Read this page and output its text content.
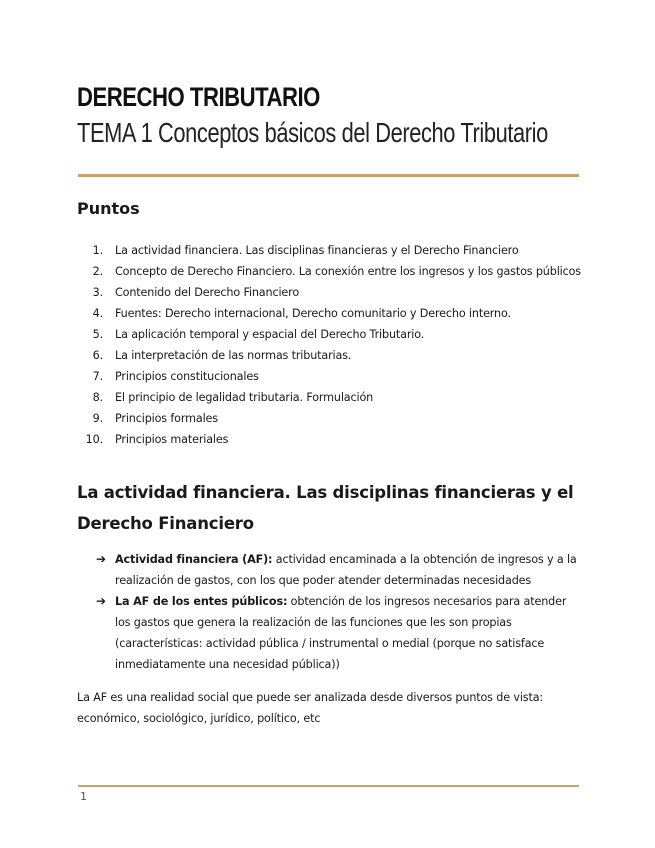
DERECHO TRIBUTARIO
TEMA 1 Conceptos básicos del Derecho Tributario
Puntos
1.	La actividad financiera. Las disciplinas financieras y el Derecho Financiero
2.	Concepto de Derecho Financiero. La conexión entre los ingresos y los gastos públicos
3.	Contenido del Derecho Financiero
4.	Fuentes: Derecho internacional, Derecho comunitario y Derecho interno.
5.	La aplicación temporal y espacial del Derecho Tributario.
6.	La interpretación de las normas tributarias.
7.	Principios constitucionales
8.	El principio de legalidad tributaria. Formulación
9.	Principios formales
10.	Principios materiales
La actividad financiera. Las disciplinas financieras y el Derecho Financiero
➔ Actividad financiera (AF): actividad encaminada a la obtención de ingresos y a la realización de gastos, con los que poder atender determinadas necesidades
➔ La AF de los entes públicos: obtención de los ingresos necesarios para atender los gastos que genera la realización de las funciones que les son propias (características: actividad pública / instrumental o medial (porque no satisface inmediatamente una necesidad pública))
La AF es una realidad social que puede ser analizada desde diversos puntos de vista: económico, sociológico, jurídico, político, etc
1
